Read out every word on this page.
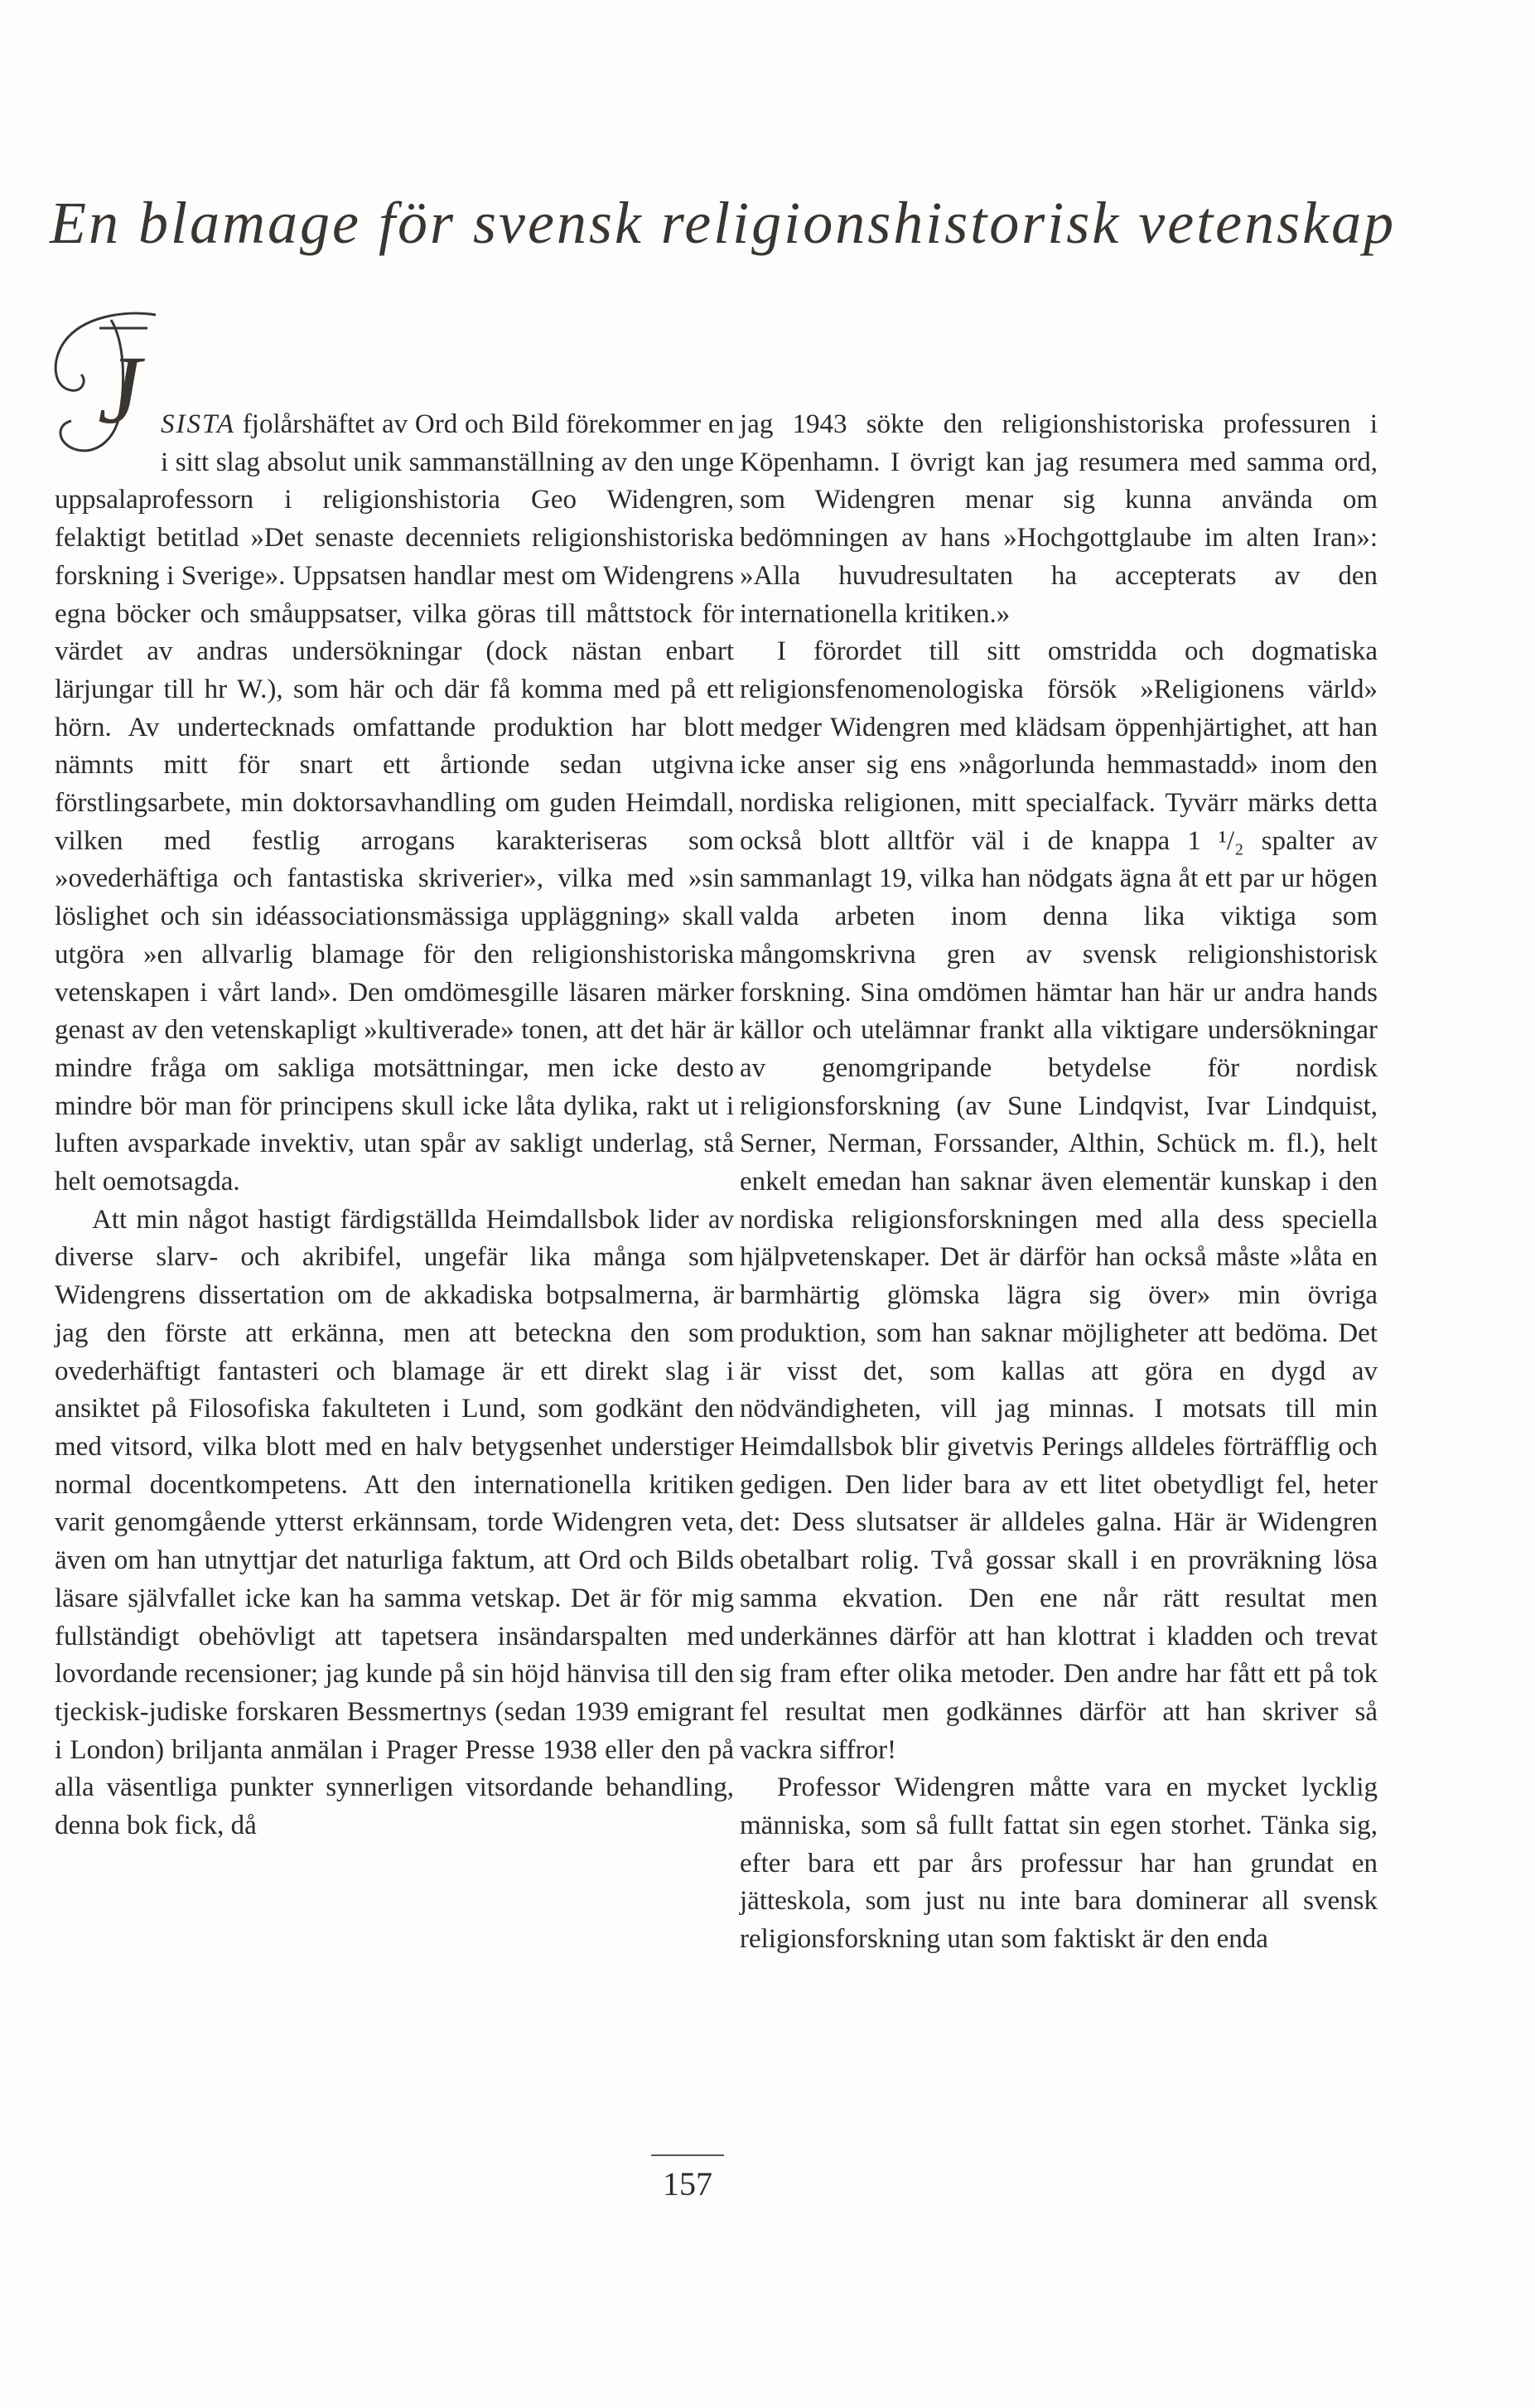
En blamage för svensk religionshistorisk vetenskap
J SISTA fjolårshäftet av Ord och Bild förekommer en i sitt slag absolut unik sammanställning av den unge uppsalaprofessorn i religionshistoria Geo Widengren, felaktigt betitlad »Det senaste decenniets religionshistoriska forskning i Sverige». Uppsatsen handlar mest om Widengrens egna böcker och småuppsatser, vilka göras till måttstock för värdet av andras undersökningar (dock nästan enbart lärjungar till hr W.), som här och där få komma med på ett hörn. Av undertecknads omfattande produktion har blott nämnts mitt för snart ett årtionde sedan utgivna förstlingsarbete, min doktorsavhandling om guden Heimdall, vilken med festlig arrogans karakteriseras som »ovederhäftiga och fantastiska skriverier», vilka med »sin löslighet och sin idéassociationsmässiga uppläggning» skall utgöra »en allvarlig blamage för den religionshistoriska vetenskapen i vårt land». Den omdömesgille läsaren märker genast av den vetenskapligt »kultiverade» tonen, att det här är mindre fråga om sakliga motsättningar, men icke desto mindre bör man för principens skull icke låta dylika, rakt ut i luften avsparkade invektiv, utan spår av sakligt underlag, stå helt oemotsagda.

Att min något hastigt färdigställda Heimdallsbok lider av diverse slarv- och akribifel, ungefär lika många som Widengrens dissertation om de akkadiska botpsalmerna, är jag den förste att erkänna, men att beteckna den som ovederhäftigt fantasteri och blamage är ett direkt slag i ansiktet på Filosofiska fakulteten i Lund, som godkänt den med vitsord, vilka blott med en halv betygsenhet understiger normal docentkompetens. Att den internationella kritiken varit genomgående ytterst erkännsam, torde Widengren veta, även om han utnyttjar det naturliga faktum, att Ord och Bilds läsare självfallet icke kan ha samma vetskap. Det är för mig fullständigt obehövligt att tapetsera insändarspalten med lovordande recensioner; jag kunde på sin höjd hänvisa till den tjeckisk-judiske forskaren Bessmertnys (sedan 1939 emigrant i London) briljanta anmälan i Prager Presse 1938 eller den på alla väsentliga punkter synnerligen vitsordande behandling, denna bok fick, då

jag 1943 sökte den religionshistoriska professuren i Köpenhamn. I övrigt kan jag resumera med samma ord, som Widengren menar sig kunna använda om bedömningen av hans »Hochgottglaube im alten Iran»: »Alla huvudresultaten ha accepterats av den internationella kritiken.»

I förordet till sitt omstridda och dogmatiska religionsfenomenologiska försök »Religionens värld» medger Widengren med klädsam öppenhjärtighet, att han icke anser sig ens »någorlunda hemmastadd» inom den nordiska religionen, mitt specialfack. Tyvärr märks detta också blott alltför väl i de knappa 1 ¹/₂ spalter av sammanlagt 19, vilka han nödgats ägna åt ett par ur högen valda arbeten inom denna lika viktiga som mångomskrivna gren av svensk religionshistorisk forskning. Sina omdömen hämtar han här ur andra hands källor och utelämnar frankt alla viktigare undersökningar av genomgripande betydelse för nordisk religionsforskning (av Sune Lindqvist, Ivar Lindquist, Serner, Nerman, Forssander, Althin, Schück m. fl.), helt enkelt emedan han saknar även elementär kunskap i den nordiska religionsforskningen med alla dess speciella hjälpvetenskaper. Det är därför han också måste »låta en barmhärtig glömska lägra sig över» min övriga produktion, som han saknar möjligheter att bedöma. Det är visst det, som kallas att göra en dygd av nödvändigheten, vill jag minnas. I motsats till min Heimdallsbok blir givetvis Perings alldeles förträfflig och gedigen. Den lider bara av ett litet obetydligt fel, heter det: Dess slutsatser är alldeles galna. Här är Widengren obetalbart rolig. Två gossar skall i en provräkning lösa samma ekvation. Den ene når rätt resultat men underkännes därför att han klottrat i kladden och trevat sig fram efter olika metoder. Den andre har fått ett på tok fel resultat men godkännes därför att han skriver så vackra siffror!

Professor Widengren måtte vara en mycket lycklig människa, som så fullt fattat sin egen storhet. Tänka sig, efter bara ett par års professur har han grundat en jätteskola, som just nu inte bara dominerar all svensk religionsforskning utan som faktiskt är den enda

157
